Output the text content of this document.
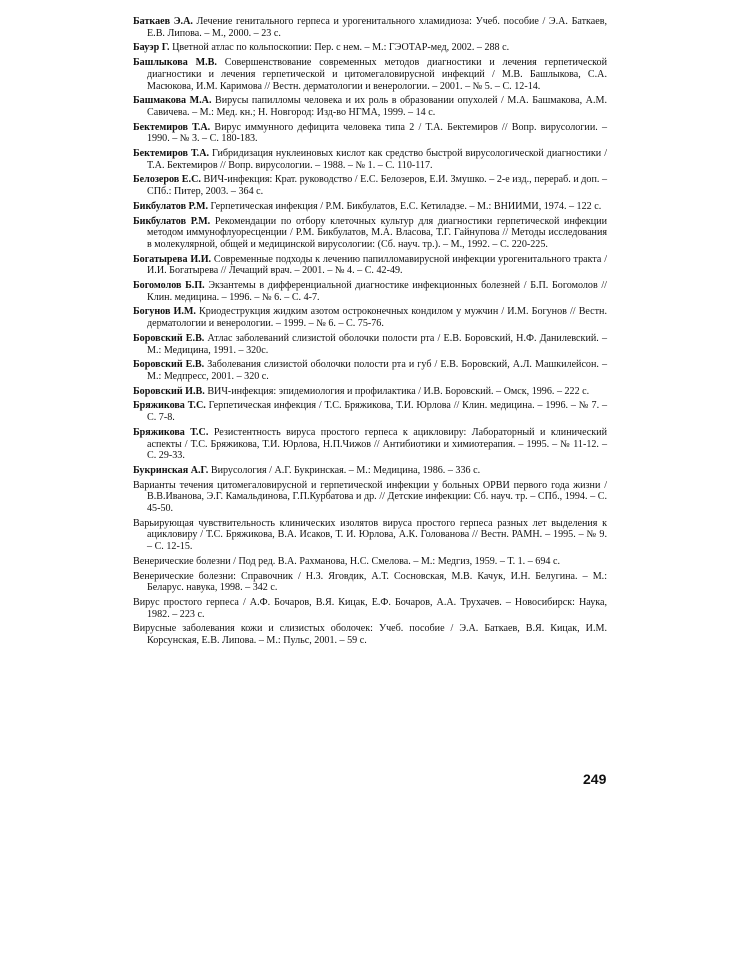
Баткаев Э.А. Лечение генитального герпеса и урогенитального хламидиоза: Учеб. пособие / Э.А. Баткаев, Е.В. Липова. – М., 2000. – 23 с.
Бауэр Г. Цветной атлас по кольпоскопии: Пер. с нем. – М.: ГЭОТАР-мед, 2002. – 288 с.
Башлыкова М.В. Совершенствование современных методов диагностики и лечения герпетической диагностики и лечения герпетической и цитомегаловирусной инфекций / М.В. Башлыкова, С.А. Масюкова, И.М. Каримова // Вестн. дерматологии и венерологии. – 2001. – № 5. – С. 12-14.
Башмакова М.А. Вирусы папилломы человека и их роль в образовании опухолей / М.А. Башмакова, А.М. Савичева. – М.: Мед. кн.; Н. Новгород: Изд-во НГМА, 1999. – 14 с.
Бектемиров Т.А. Вирус иммунного дефицита человека типа 2 / Т.А. Бектемиров // Вопр. вирусологии. – 1990. – № 3. – С. 180-183.
Бектемиров Т.А. Гибридизация нуклеиновых кислот как средство быстрой вирусологической диагностики / Т.А. Бектемиров // Вопр. вирусологии. – 1988. – № 1. – С. 110-117.
Белозеров Е.С. ВИЧ-инфекция: Крат. руководство / Е.С. Белозеров, Е.И. Змушко. – 2-е изд., перераб. и доп. – СПб.: Питер, 2003. – 364 с.
Бикбулатов Р.М. Герпетическая инфекция / Р.М. Бикбулатов, Е.С. Кетиладзе. – М.: ВНИИМИ, 1974. – 122 с.
Бикбулатов Р.М. Рекомендации по отбору клеточных культур для диагностики герпетической инфекции методом иммунофлуоресценции / Р.М. Бикбулатов, М.А. Власова, Т.Г. Гайнупова // Методы исследования в молекулярной, общей и медицинской вирусологии: (Сб. науч. тр.). – М., 1992. – С. 220-225.
Богатырева И.И. Современные подходы к лечению папилломавирусной инфекции урогенитального тракта / И.И. Богатырева // Лечащий врач. – 2001. – № 4. – С. 42-49.
Богомолов Б.П. Экзантемы в дифференциальной диагностике инфекционных болезней / Б.П. Богомолов // Клин. медицина. – 1996. – № 6. – С. 4-7.
Богунов И.М. Криодеструкция жидким азотом остроконечных кондилом у мужчин / И.М. Богунов // Вестн. дерматологии и венерологии. – 1999. – № 6. – С. 75-76.
Боровский Е.В. Атлас заболеваний слизистой оболочки полости рта / Е.В. Боровский, Н.Ф. Данилевский. – М.: Медицина, 1991. – 320с.
Боровский Е.В. Заболевания слизистой оболочки полости рта и губ / Е.В. Боровский, А.Л. Машкилейсон. – М.: Медпресс, 2001. – 320 с.
Боровский И.В. ВИЧ-инфекция: эпидемиология и профилактика / И.В. Боровский. – Омск, 1996. – 222 с.
Бряжикова Т.С. Герпетическая инфекция / Т.С. Бряжикова, Т.И. Юрлова // Клин. медицина. – 1996. – № 7. – С. 7-8.
Бряжикова Т.С. Резистентность вируса простого герпеса к ацикловиру: Лабораторный и клинический аспекты / Т.С. Бряжикова, Т.И. Юрлова, Н.П.Чижов // Антибиотики и химиотерапия. – 1995. – № 11-12. – С. 29-33.
Букринская А.Г. Вирусология / А.Г. Букринская. – М.: Медицина, 1986. – 336 с.
Варианты течения цитомегаловирусной и герпетической инфекции у больных ОРВИ первого года жизни / В.В.Иванова, Э.Г. Камальдинова, Г.П.Курбатова и др. // Детские инфекции: Сб. науч. тр. – СПб., 1994. – С. 45-50.
Варьирующая чувствительность клинических изолятов вируса простого герпеса разных лет выделения к ацикловиру / Т.С. Бряжикова, В.А. Исаков, Т. И. Юрлова, А.К. Голованова // Вестн. РАМН. – 1995. – № 9. – С. 12-15.
Венерические болезни / Под ред. В.А. Рахманова, Н.С. Смелова. – М.: Медгиз, 1959. – Т. 1. – 694 с.
Венерические болезни: Справочник / Н.З. Яговдик, А.Т. Сосновская, М.В. Качук, И.Н. Белугина. – М.: Беларус. навука, 1998. – 342 с.
Вирус простого герпеса / А.Ф. Бочаров, В.Я. Кицак, Е.Ф. Бочаров, А.А. Трухачев. – Новосибирск: Наука, 1982. – 223 с.
Вирусные заболевания кожи и слизистых оболочек: Учеб. пособие / Э.А. Баткаев, В.Я. Кицак, И.М. Корсунская, Е.В. Липова. – М.: Пульс, 2001. – 59 с.
249
